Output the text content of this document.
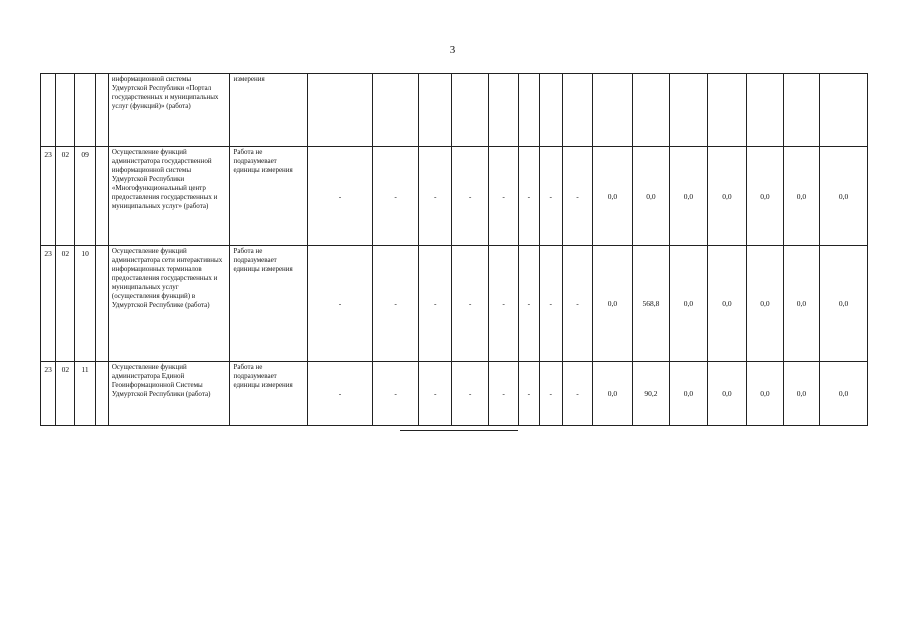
3
				информационной системы Удмуртской Республики «Портал государственных и муниципальных услуг (функций)» (работа)	измерения															
23	02	09		Осуществление функций администратора государственной информационной системы Удмуртской Республики «Многофункциональный центр предоставления государственных и муниципальных услуг» (работа)	Работа не подразумевает единицы измерения	-	-	-	-	-	-	-	-	0,0	0,0	0,0	0,0	0,0	0,0	0,0
23	02	10		Осуществление функций администратора сети интерактивных информационных терминалов предоставления государственных и муниципальных услуг (осуществления функций) в Удмуртской Республике (работа)	Работа не подразумевает единицы измерения	-	-	-	-	-	-	-	-	0,0	568,8	0,0	0,0	0,0	0,0	0,0
23	02	11		Осуществление функций администратора Единой Геоинформационной Системы Удмуртской Республики (работа)	Работа не подразумевает единицы измерения	-	-	-	-	-	-	-	-	0,0	90,2	0,0	0,0	0,0	0,0	0,0
